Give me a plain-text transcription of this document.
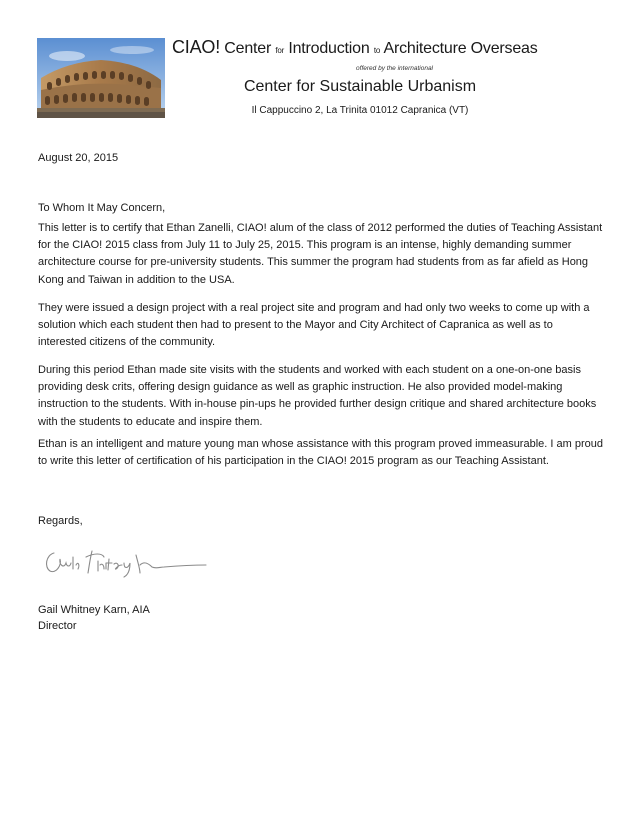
CIAO! Center for Introduction to Architecture Overseas
offered by the international
Center for Sustainable Urbanism
Il Cappuccino 2, La Trinita 01012 Capranica (VT)

August 20, 2015

To Whom It May Concern,

This letter is to certify that Ethan Zanelli, CIAO! alum of the class of 2012 performed the duties of Teaching Assistant for the CIAO! 2015 class from July 11 to July 25, 2015. This program is an intense, highly demanding summer architecture course for pre-university students. This summer the program had students from as far afield as Hong Kong and Taiwan in addition to the USA.

They were issued a design project with a real project site and program and had only two weeks to come up with a solution which each student then had to present to the Mayor and City Architect of Capranica as well as to interested citizens of the community.

During this period Ethan made site visits with the students and worked with each student on a one-on-one basis providing desk crits, offering design guidance as well as graphic instruction. He also provided model-making instruction to the students. With in-house pin-ups he provided further design critique and shared architecture books with the students to educate and inspire them.

Ethan is an intelligent and mature young man whose assistance with this program proved immeasurable. I am proud to write this letter of certification of his participation in the CIAO! 2015 program as our Teaching Assistant.

Regards,

Gail Whitney Karn, AIA

Director
